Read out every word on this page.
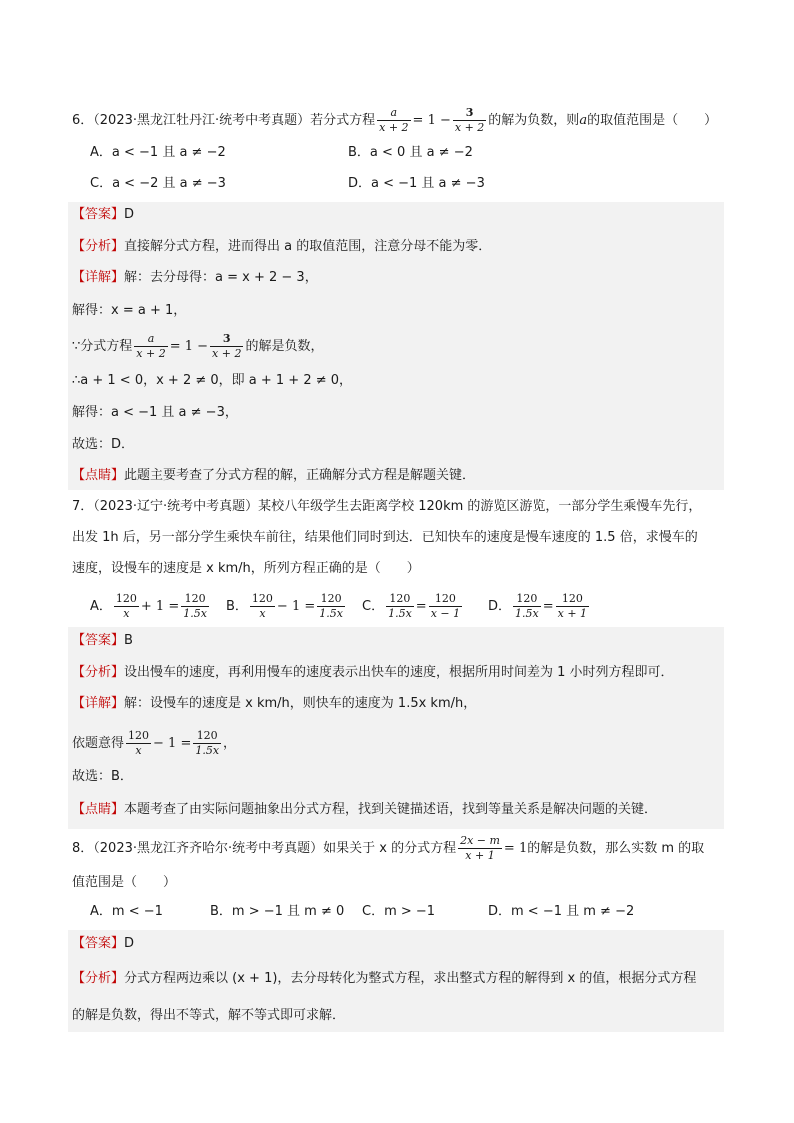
6．（2023·黑龙江牡丹江·统考中考真题）若分式方程 $\frac{a}{x + 2} = 1 - \frac{3}{x + 2}$ 的解为负数，则a的取值范围是（　　）
A．a < −1 且 a ≠ −2	B．a < 0 且 a ≠ −2
C．a < −2 且 a ≠ −3	D．a < −1 且 a ≠ −3
【答案】D
【分析】直接解分式方程，进而得出 a 的取值范围，注意分母不能为零．
【详解】解：去分母得：a = x + 2 − 3，
解得：x = a + 1，
∵分式方程 $\frac{a}{x + 2} = 1 - \frac{3}{x + 2}$ 的解是负数，
∴a + 1 < 0，x + 2 ≠ 0，即 a + 1 + 2 ≠ 0，
解得：a < −1 且 a ≠ −3，
故选：D．
【点睛】此题主要考查了分式方程的解，正确解分式方程是解题关键．
7．（2023·辽宁·统考中考真题）某校八年级学生去距离学校 120km 的游览区游览，一部分学生乘慢车先行，
出发 1h 后，另一部分学生乘快车前往，结果他们同时到达．已知快车的速度是慢车速度的 1.5 倍，求慢车的
速度，设慢车的速度是 x km/h，所列方程正确的是（　　）
A． $\frac{120}{x} + 1 = \frac{120}{1.5x}$ B． $\frac{120}{x} - 1 = \frac{120}{1.5x}$ C． $\frac{120}{1.5x} = \frac{120}{x - 1}$ D． $\frac{120}{1.5x} = \frac{120}{x + 1}$
【答案】B
【分析】设出慢车的速度，再利用慢车的速度表示出快车的速度，根据所用时间差为 1 小时列方程即可．
【详解】解：设慢车的速度是 x km/h，则快车的速度为 1.5x km/h，
依题意得 $\frac{120}{x} - 1 = \frac{120}{1.5x}$ ，
故选：B．
【点睛】本题考查了由实际问题抽象出分式方程，找到关键描述语，找到等量关系是解决问题的关键．
8．（2023·黑龙江齐齐哈尔·统考中考真题）如果关于 x 的分式方程 $\frac{2x - m}{x + 1} = 1$的解是负数，那么实数 m 的取
值范围是（　　）
A．m < −1	B．m > −1 且 m ≠ 0 C．m > −1	D．m < −1 且 m ≠ −2
【答案】D
【分析】分式方程两边乘以 (x + 1)，去分母转化为整式方程，求出整式方程的解得到 x 的值，根据分式方程
的解是负数，得出不等式，解不等式即可求解．
